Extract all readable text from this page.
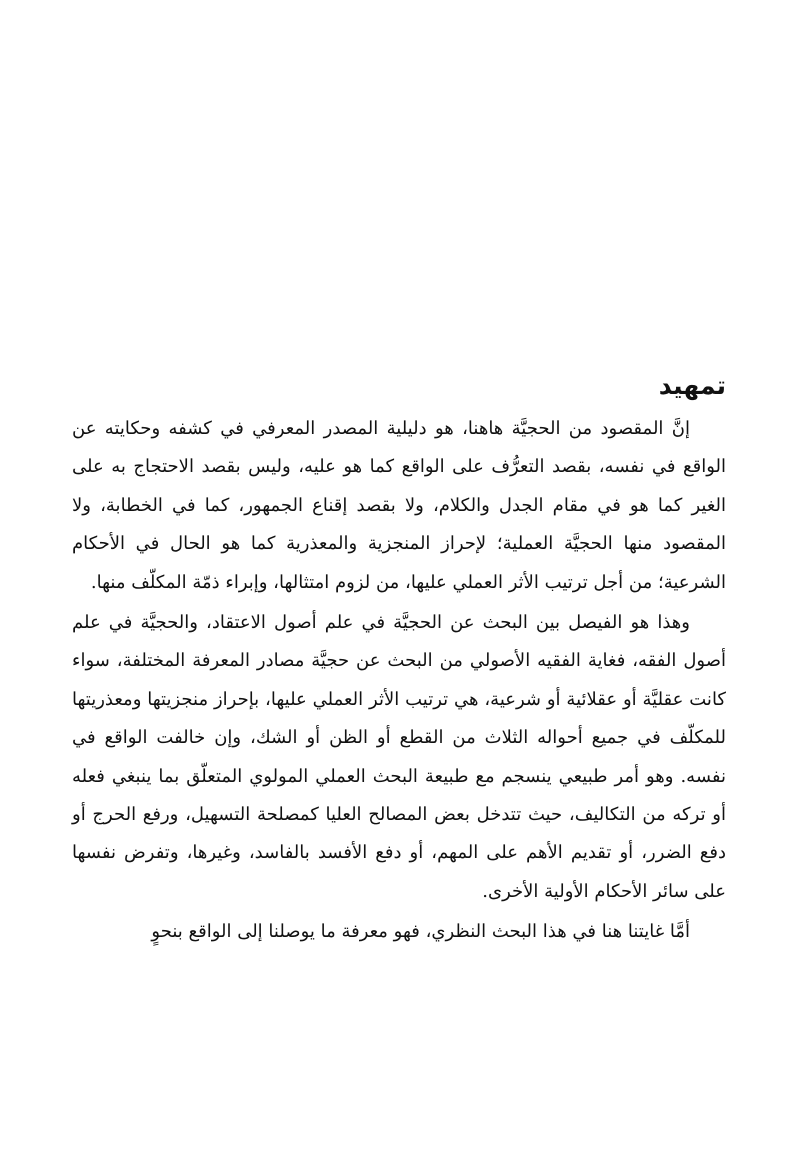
تمهيد

إنَّ المقصود من الحجيَّة هاهنا، هو دليلية المصدر المعرفي في كشفه وحكايته عن الواقع في نفسه، بقصد التعرُّف على الواقع كما هو عليه، وليس بقصد الاحتجاج به على الغير كما هو في مقام الجدل والكلام، ولا بقصد إقناع الجمهور، كما في الخطابة، ولا المقصود منها الحجيَّة العملية؛ لإحراز المنجزية والمعذرية كما هو الحال في الأحكام الشرعية؛ من أجل ترتيب الأثر العملي عليها، من لزوم امتثالها، وإبراء ذمّة المكلّف منها.

وهذا هو الفيصل بين البحث عن الحجيَّة في علم أصول الاعتقاد، والحجيَّة في علم أصول الفقه، فغاية الفقيه الأصولي من البحث عن حجيَّة مصادر المعرفة المختلفة، سواء كانت عقليَّة أو عقلائية أو شرعية، هي ترتيب الأثر العملي عليها، بإحراز منجزيتها ومعذريتها للمكلّف في جميع أحواله الثلاث من القطع أو الظن أو الشك، وإن خالفت الواقع في نفسه. وهو أمر طبيعي ينسجم مع طبيعة البحث العملي المولوي المتعلّق بما ينبغي فعله أو تركه من التكاليف، حيث تتدخل بعض المصالح العليا كمصلحة التسهيل، ورفع الحرج أو دفع الضرر، أو تقديم الأهم على المهم، أو دفع الأفسد بالفاسد، وغيرها، وتفرض نفسها على سائر الأحكام الأولية الأخرى.

أمَّا غايتنا هنا في هذا البحث النظري، فهو معرفة ما يوصلنا إلى الواقع بنحوٍ
